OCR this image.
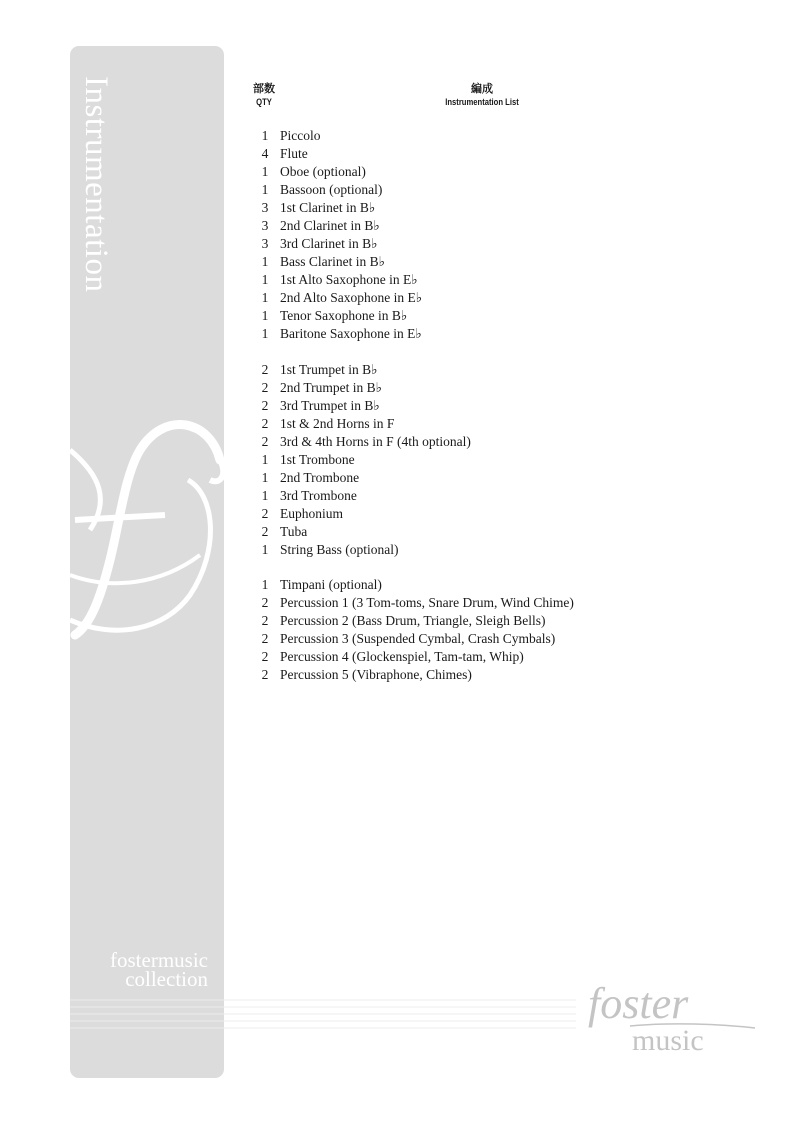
Instrumentation
fostermusic
collection	foster
music
部数
QTY
編成
Instrumentation List
1 Piccolo
4 Flute
1 Oboe (optional)
1 Bassoon (optional)
3 1st Clarinet in B♭
3 2nd Clarinet in B♭
3 3rd Clarinet in B♭
1 Bass Clarinet in B♭
1 1st Alto Saxophone in E♭
1 2nd Alto Saxophone in E♭
1 Tenor Saxophone in B♭
1 Baritone Saxophone in E♭
2 1st Trumpet in B♭
2 2nd Trumpet in B♭
2 3rd Trumpet in B♭
2 1st & 2nd Horns in F
2 3rd & 4th Horns in F (4th optional)
1 1st Trombone
1 2nd Trombone
1 3rd Trombone
2 Euphonium
2 Tuba
1 String Bass (optional)
1 Timpani (optional)
2 Percussion 1 (3 Tom-toms, Snare Drum, Wind Chime)
2 Percussion 2 (Bass Drum, Triangle, Sleigh Bells)
2 Percussion 3 (Suspended Cymbal, Crash Cymbals)
2 Percussion 4 (Glockenspiel, Tam-tam, Whip)
2 Percussion 5 (Vibraphone, Chimes)
